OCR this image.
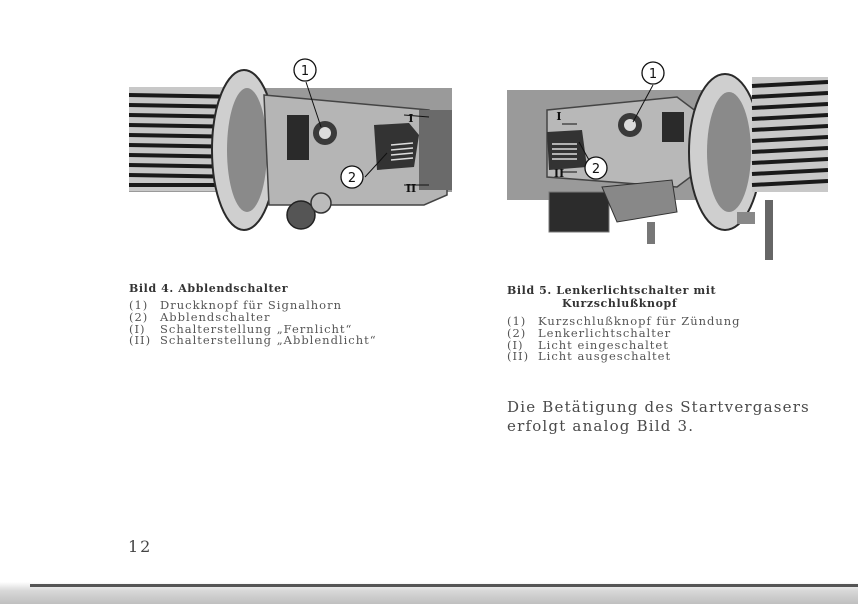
1
2
I
II
1
2
I
II
Bild 4. Abblendschalter
(1) Druckknopf für Signalhorn
(2) Abblendschalter
(I) Schalterstellung „Fernlicht“
(II) Schalterstellung „Abblendlicht“
Bild 5. Lenkerlichtschalter mit
Kurzschlußknopf
(1) Kurzschlußknopf für Zündung
(2) Lenkerlichtschalter
(I) Licht eingeschaltet
(II) Licht ausgeschaltet
Die Betätigung des Startvergasers
erfolgt analog Bild 3.
12
